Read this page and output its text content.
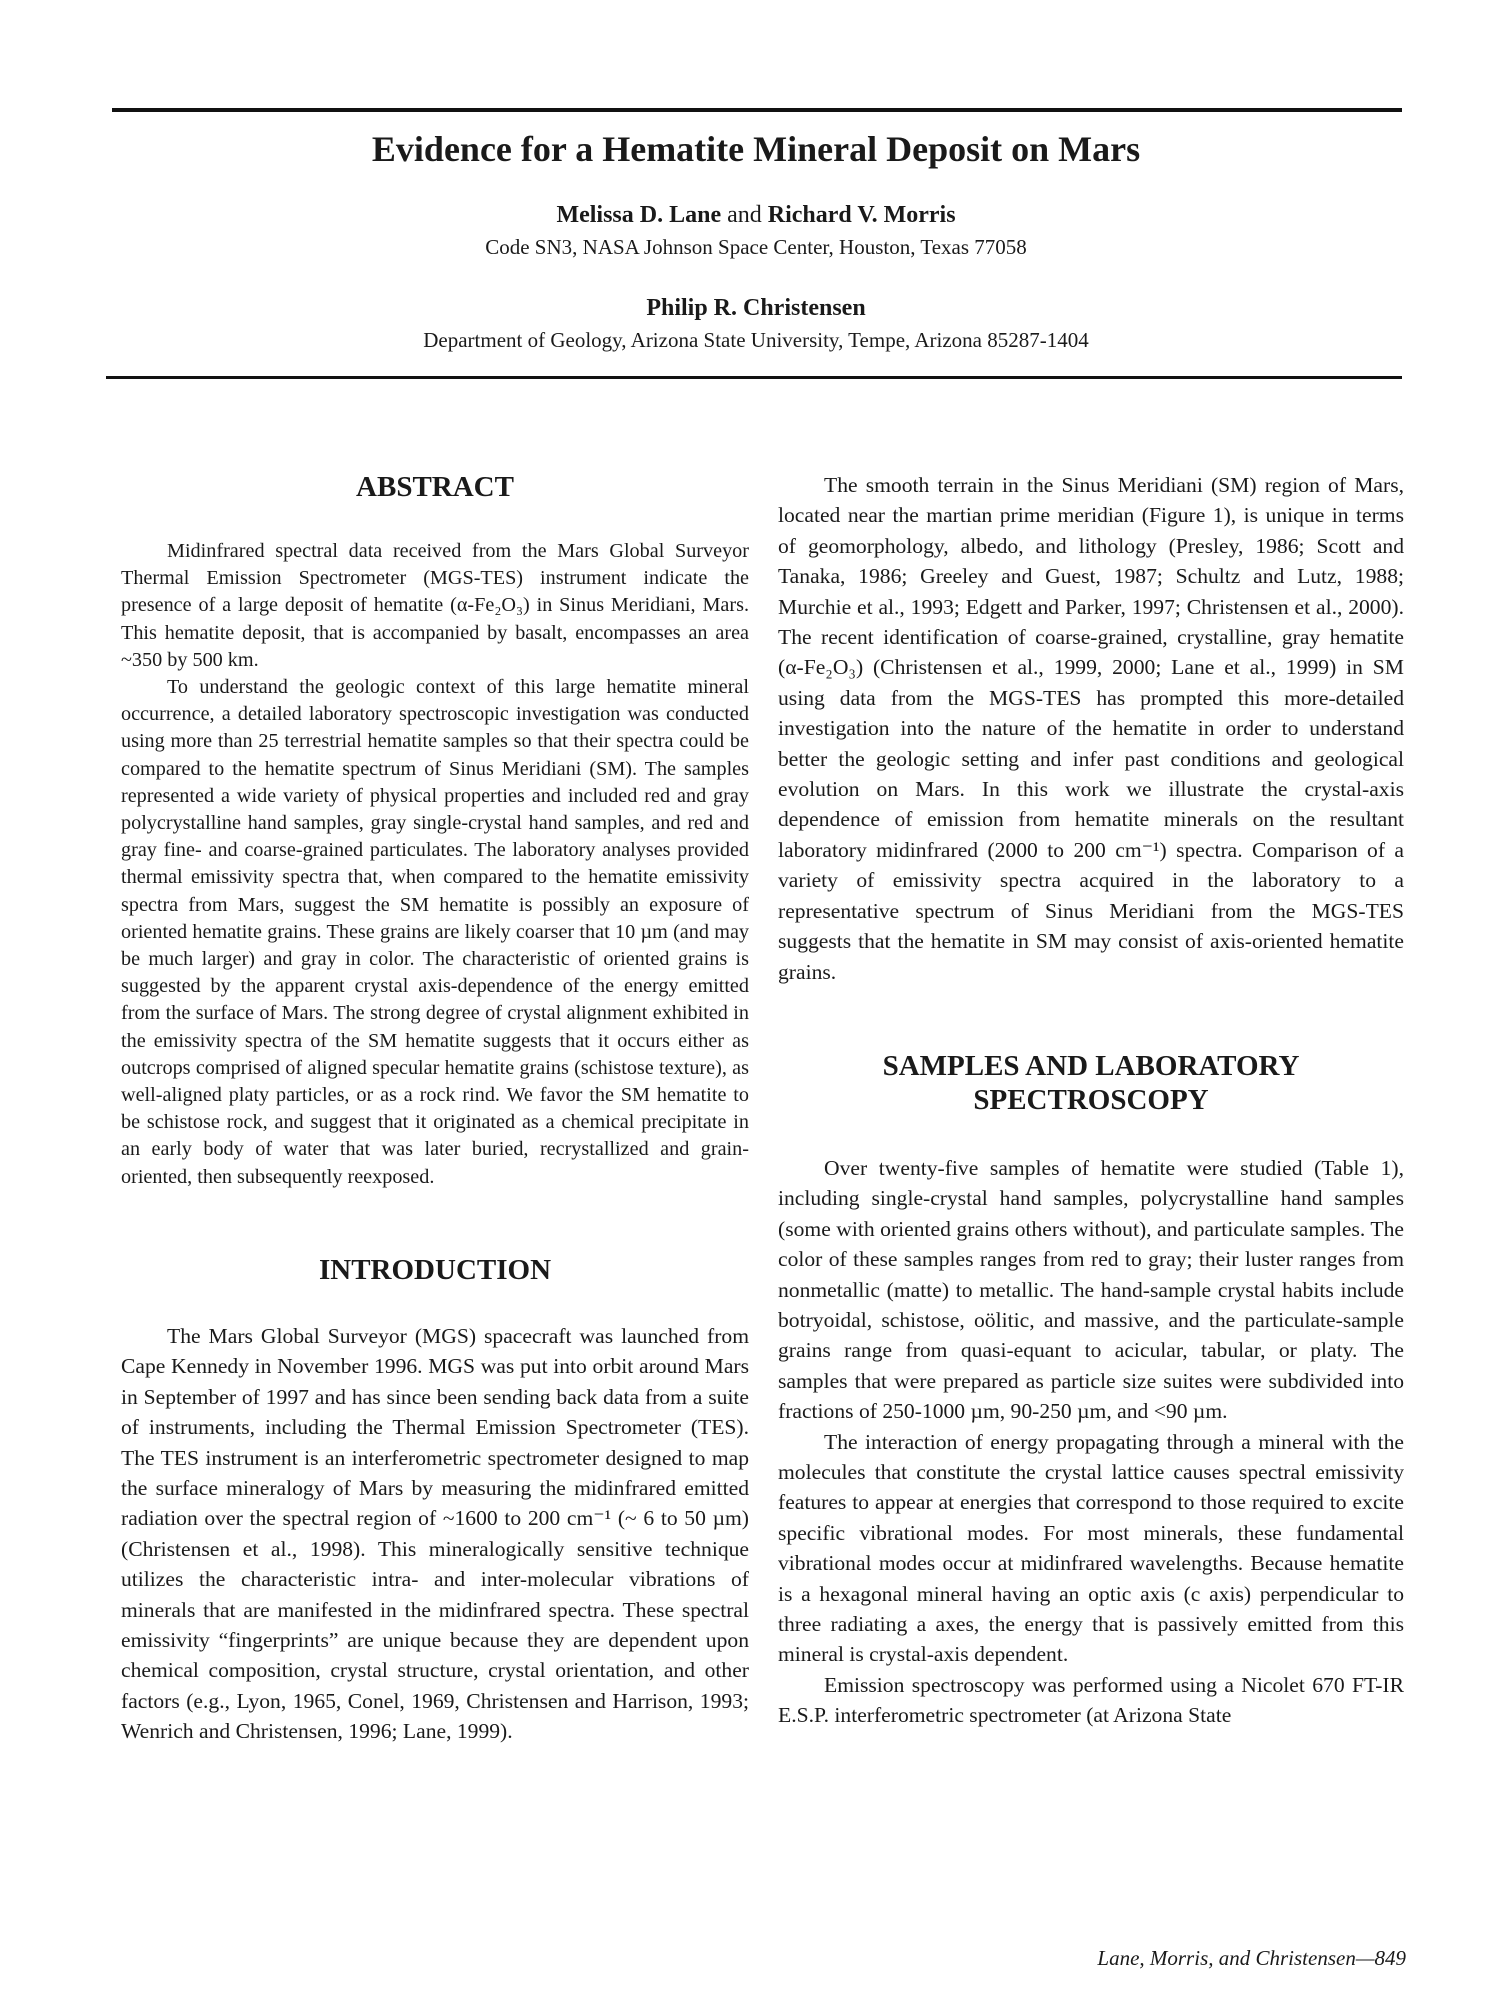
Evidence for a Hematite Mineral Deposit on Mars
Melissa D. Lane and Richard V. Morris
Code SN3, NASA Johnson Space Center, Houston, Texas 77058
Philip R. Christensen
Department of Geology, Arizona State University, Tempe, Arizona 85287-1404
ABSTRACT

Midinfrared spectral data received from the Mars Global Surveyor Thermal Emission Spectrometer (MGS-TES) instrument indicate the presence of a large deposit of hematite (α-Fe₂O₃) in Sinus Meridiani, Mars. This hematite deposit, that is accompanied by basalt, encompasses an area ~350 by 500 km.

To understand the geologic context of this large hematite mineral occurrence, a detailed laboratory spectroscopic investigation was conducted using more than 25 terrestrial hematite samples so that their spectra could be compared to the hematite spectrum of Sinus Meridiani (SM). The samples represented a wide variety of physical properties and included red and gray polycrystalline hand samples, gray single-crystal hand samples, and red and gray fine- and coarse-grained particulates. The laboratory analyses provided thermal emissivity spectra that, when compared to the hematite emissivity spectra from Mars, suggest the SM hematite is possibly an exposure of oriented hematite grains. These grains are likely coarser that 10 µm (and may be much larger) and gray in color. The characteristic of oriented grains is suggested by the apparent crystal axis-dependence of the energy emitted from the surface of Mars. The strong degree of crystal alignment exhibited in the emissivity spectra of the SM hematite suggests that it occurs either as outcrops comprised of aligned specular hematite grains (schistose texture), as well-aligned platy particles, or as a rock rind. We favor the SM hematite to be schistose rock, and suggest that it originated as a chemical precipitate in an early body of water that was later buried, recrystallized and grain-oriented, then subsequently reexposed.

INTRODUCTION

The Mars Global Surveyor (MGS) spacecraft was launched from Cape Kennedy in November 1996. MGS was put into orbit around Mars in September of 1997 and has since been sending back data from a suite of instruments, including the Thermal Emission Spectrometer (TES). The TES instrument is an interferometric spectrometer designed to map the surface mineralogy of Mars by measuring the midinfrared emitted radiation over the spectral region of ~1600 to 200 cm⁻¹ (~ 6 to 50 µm) (Christensen et al., 1998). This mineralogically sensitive technique utilizes the characteristic intra- and inter-molecular vibrations of minerals that are manifested in the midinfrared spectra. These spectral emissivity “fingerprints” are unique because they are dependent upon chemical composition, crystal structure, crystal orientation, and other factors (e.g., Lyon, 1965, Conel, 1969, Christensen and Harrison, 1993; Wenrich and Christensen, 1996; Lane, 1999).

The smooth terrain in the Sinus Meridiani (SM) region of Mars, located near the martian prime meridian (Figure 1), is unique in terms of geomorphology, albedo, and lithology (Presley, 1986; Scott and Tanaka, 1986; Greeley and Guest, 1987; Schultz and Lutz, 1988; Murchie et al., 1993; Edgett and Parker, 1997; Christensen et al., 2000). The recent identification of coarse-grained, crystalline, gray hematite (α-Fe₂O₃) (Christensen et al., 1999, 2000; Lane et al., 1999) in SM using data from the MGS-TES has prompted this more-detailed investigation into the nature of the hematite in order to understand better the geologic setting and infer past conditions and geological evolution on Mars. In this work we illustrate the crystal-axis dependence of emission from hematite minerals on the resultant laboratory midinfrared (2000 to 200 cm⁻¹) spectra. Comparison of a variety of emissivity spectra acquired in the laboratory to a representative spectrum of Sinus Meridiani from the MGS-TES suggests that the hematite in SM may consist of axis-oriented hematite grains.

SAMPLES AND LABORATORY
SPECTROSCOPY

Over twenty-five samples of hematite were studied (Table 1), including single-crystal hand samples, polycrystalline hand samples (some with oriented grains others without), and particulate samples. The color of these samples ranges from red to gray; their luster ranges from nonmetallic (matte) to metallic. The hand-sample crystal habits include botryoidal, schistose, oölitic, and massive, and the particulate-sample grains range from quasi-equant to acicular, tabular, or platy. The samples that were prepared as particle size suites were subdivided into fractions of 250-1000 µm, 90-250 µm, and <90 µm.

The interaction of energy propagating through a mineral with the molecules that constitute the crystal lattice causes spectral emissivity features to appear at energies that correspond to those required to excite specific vibrational modes. For most minerals, these fundamental vibrational modes occur at midinfrared wavelengths. Because hematite is a hexagonal mineral having an optic axis (c axis) perpendicular to three radiating a axes, the energy that is passively emitted from this mineral is crystal-axis dependent.

Emission spectroscopy was performed using a Nicolet 670 FT-IR E.S.P. interferometric spectrometer (at Arizona State

Lane, Morris, and Christensen—849
